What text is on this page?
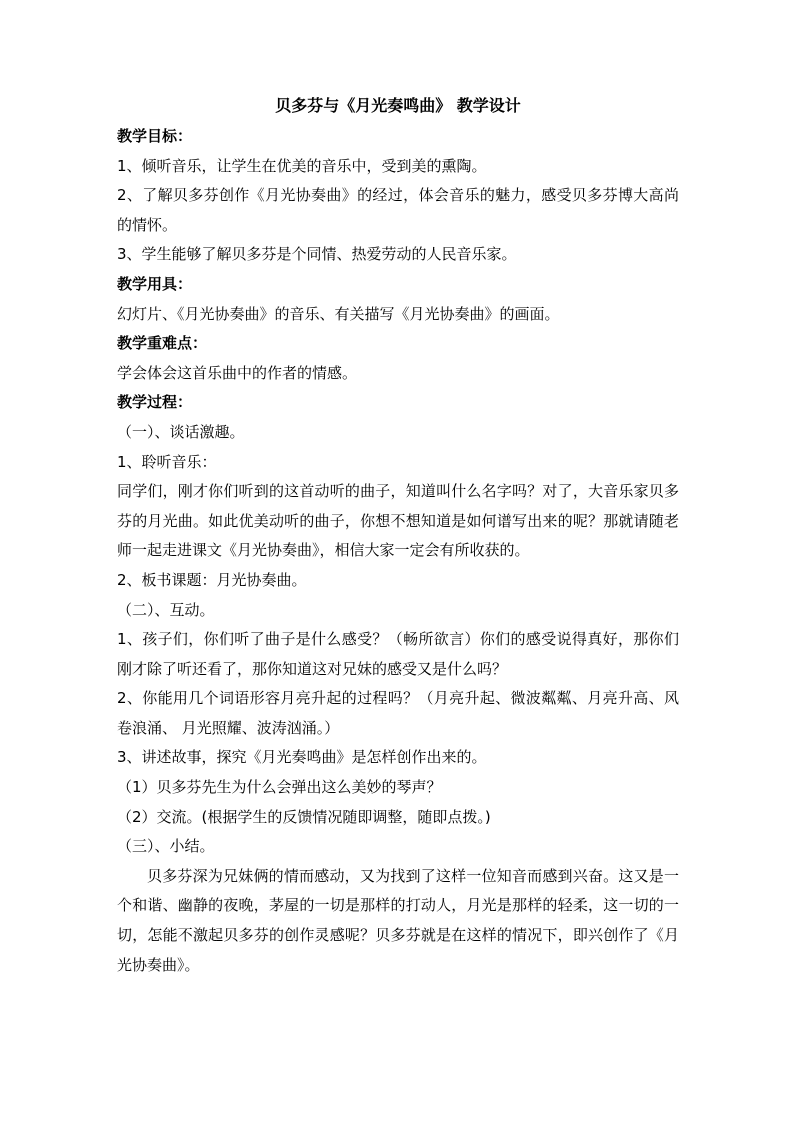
贝多芬与《月光奏鸣曲》 教学设计

教学目标：

1、倾听音乐，让学生在优美的音乐中，受到美的熏陶。

2、了解贝多芬创作《月光协奏曲》的经过，体会音乐的魅力，感受贝多芬博大高尚的情怀。

3、学生能够了解贝多芬是个同情、热爱劳动的人民音乐家。

教学用具：

幻灯片、《月光协奏曲》的音乐、有关描写《月光协奏曲》的画面。

教学重难点：

学会体会这首乐曲中的作者的情感。

教学过程：

（一）、谈话激趣。

1、聆听音乐：

同学们，刚才你们听到的这首动听的曲子，知道叫什么名字吗？对了，大音乐家贝多芬的月光曲。如此优美动听的曲子，你想不想知道是如何谱写出来的呢？那就请随老师一起走进课文《月光协奏曲》，相信大家一定会有所收获的。

2、板书课题：月光协奏曲。

（二）、互动。

1、孩子们，你们听了曲子是什么感受？（畅所欲言）你们的感受说得真好，那你们刚才除了听还看了，那你知道这对兄妹的感受又是什么吗？

2、你能用几个词语形容月亮升起的过程吗？（月亮升起、微波粼粼、月亮升高、风卷浪涌、 月光照耀、波涛汹涌。）

3、讲述故事，探究《月光奏鸣曲》是怎样创作出来的。

（1）贝多芬先生为什么会弹出这么美妙的琴声？

（2）交流。(根据学生的反馈情况随即调整，随即点拨。)

（三）、小结。

贝多芬深为兄妹俩的情而感动，又为找到了这样一位知音而感到兴奋。这又是一个和谐、幽静的夜晚，茅屋的一切是那样的打动人，月光是那样的轻柔，这一切的一切，怎能不激起贝多芬的创作灵感呢？贝多芬就是在这样的情况下，即兴创作了《月光协奏曲》。
